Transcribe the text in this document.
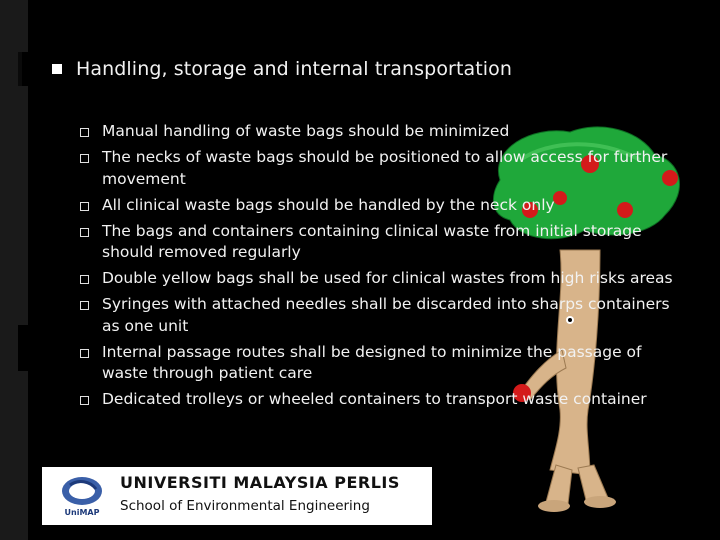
Handling, storage and internal transportation
Manual handling of waste bags should be minimized
The necks of waste bags should be positioned to allow access for further movement
All clinical waste bags should be handled by the neck only
The bags and containers containing clinical waste from initial storage should removed regularly
Double yellow bags shall be used for clinical wastes from high risks areas
Syringes with attached needles shall be discarded into sharps containers as one unit
Internal passage routes shall be designed to minimize the passage of waste through patient care
Dedicated trolleys or wheeled containers to transport waste container
UniMAP
UNIVERSITI MALAYSIA PERLIS
School of Environmental Engineering
